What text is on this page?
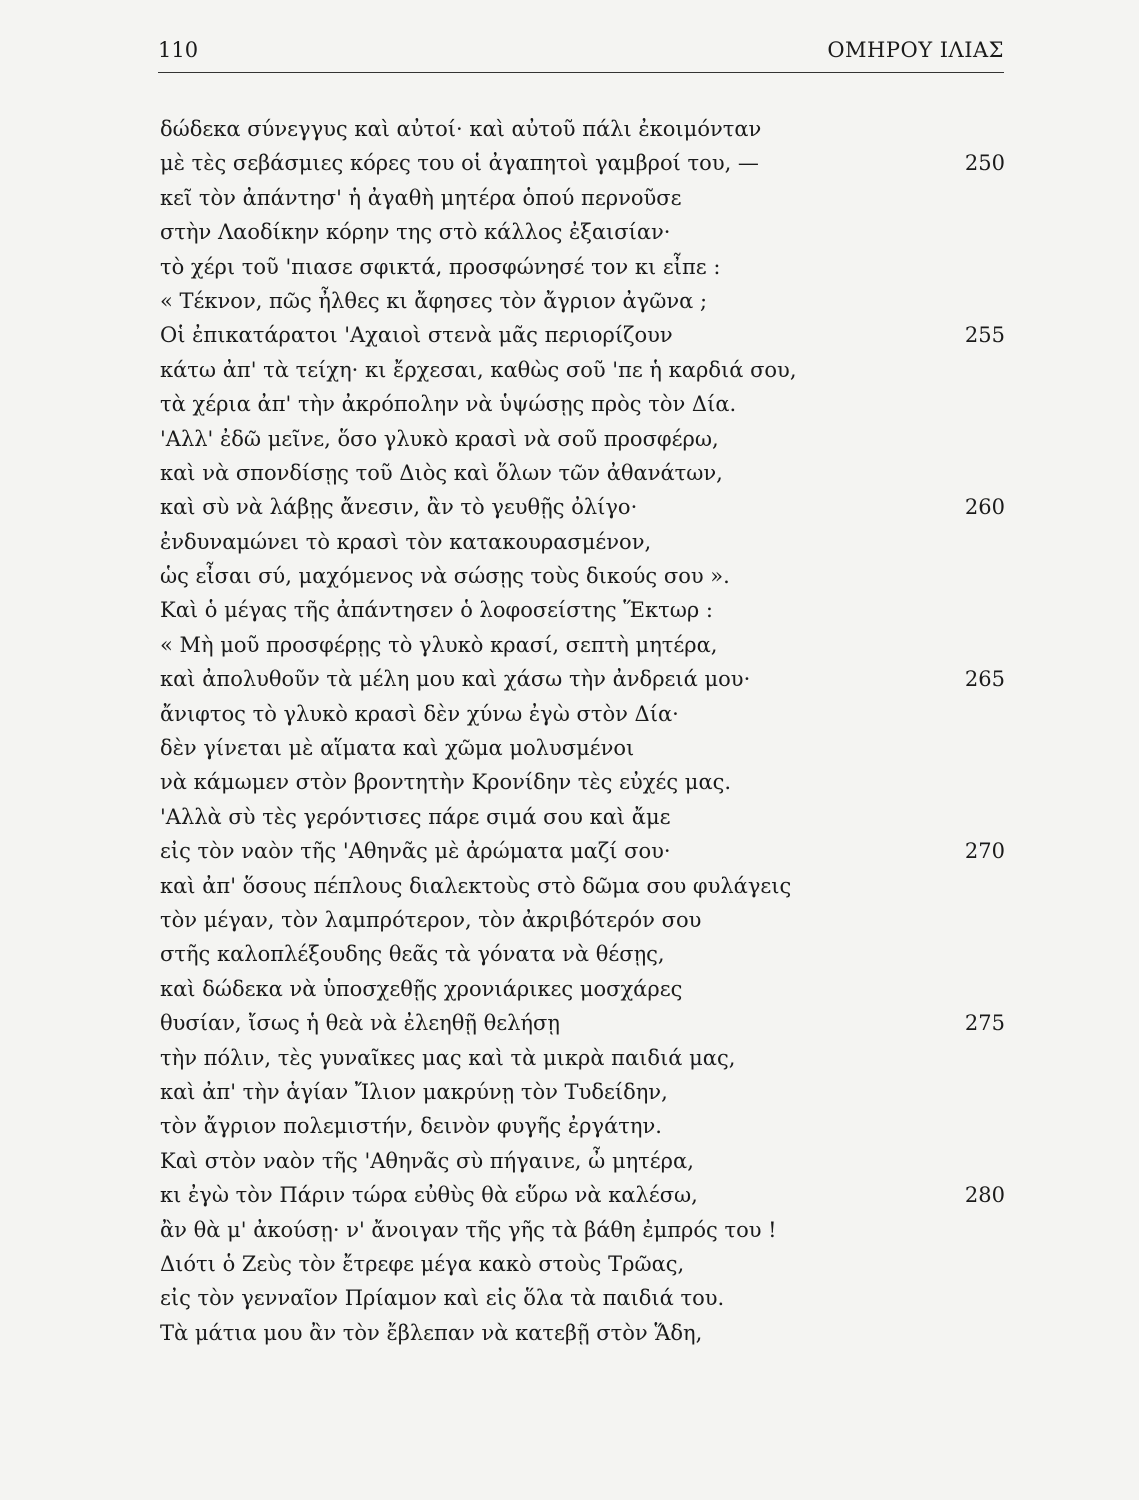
110	ΟΜΗΡΟΥ ΙΛΙΑΣ
δώδεκα σύνεγγυς καὶ αὐτοί· καὶ αὐτοῦ πάλι ἐκοιμόνταν
μὲ τὲς σεβάσμιες κόρες του οἱ ἀγαπητοὶ γαμβροί του, —	250
κεῖ τὸν ἀπάντησ' ἡ ἀγαθὴ μητέρα ὁπού περνοῦσε
στὴν Λαοδίκην κόρην της στὸ κάλλος ἐξαισίαν·
τὸ χέρι τοῦ 'πιασε σφικτά, προσφώνησέ τον κι εἶπε :
« Τέκνον, πῶς ἦλθες κι ἄφησες τὸν ἄγριον ἀγῶνα ;
Οἱ ἐπικατάρατοι 'Αχαιοὶ στενὰ μᾶς περιορίζουν	255
κάτω ἀπ' τὰ τείχη· κι ἔρχεσαι, καθὼς σοῦ 'πε ἡ καρδιά σου,
τὰ χέρια ἀπ' τὴν ἀκρόπολην νὰ ὑψώσῃς πρὸς τὸν Δία.
'Αλλ' ἐδῶ μεῖνε, ὅσο γλυκὸ κρασὶ νὰ σοῦ προσφέρω,
καὶ νὰ σπονδίσῃς τοῦ Διὸς καὶ ὅλων τῶν ἀθανάτων,
καὶ σὺ νὰ λάβῃς ἄνεσιν, ἂν τὸ γευθῇς ὀλίγο·	260
ἐνδυναμώνει τὸ κρασὶ τὸν κατακουρασμένον,
ὡς εἶσαι σύ, μαχόμενος νὰ σώσῃς τοὺς δικούς σου ».
Καὶ ὁ μέγας τῆς ἀπάντησεν ὁ λοφοσείστης Ἕκτωρ :
« Μὴ μοῦ προσφέρῃς τὸ γλυκὸ κρασί, σεπτὴ μητέρα,
καὶ ἀπολυθοῦν τὰ μέλη μου καὶ χάσω τὴν ἀνδρειά μου·	265
ἄνιφτος τὸ γλυκὸ κρασὶ δὲν χύνω ἐγὼ στὸν Δία·
δὲν γίνεται μὲ αἵματα καὶ χῶμα μολυσμένοι
νὰ κάμωμεν στὸν βροντητὴν Κρονίδην τὲς εὐχές μας.
'Αλλὰ σὺ τὲς γερόντισες πάρε σιμά σου καὶ ἄμε
εἰς τὸν ναὸν τῆς 'Αθηνᾶς μὲ ἀρώματα μαζί σου·	270
καὶ ἀπ' ὅσους πέπλους διαλεκτοὺς στὸ δῶμα σου φυλάγεις
τὸν μέγαν, τὸν λαμπρότερον, τὸν ἀκριβότερόν σου
στῆς καλοπλέξουδης θεᾶς τὰ γόνατα νὰ θέσῃς,
καὶ δώδεκα νὰ ὑποσχεθῇς χρονιάρικες μοσχάρες
θυσίαν, ἴσως ἡ θεὰ νὰ ἐλεηθῇ θελήσῃ	275
τὴν πόλιν, τὲς γυναῖκες μας καὶ τὰ μικρὰ παιδιά μας,
καὶ ἀπ' τὴν ἁγίαν Ἴλιον μακρύνῃ τὸν Τυδείδην,
τὸν ἄγριον πολεμιστήν, δεινὸν φυγῆς ἐργάτην.
Καὶ στὸν ναὸν τῆς 'Αθηνᾶς σὺ πήγαινε, ὦ μητέρα,
κι ἐγὼ τὸν Πάριν τώρα εὐθὺς θὰ εὕρω νὰ καλέσω,	280
ἂν θὰ μ' ἀκούσῃ· ν' ἄνοιγαν τῆς γῆς τὰ βάθη ἐμπρός του !
Διότι ὁ Ζεὺς τὸν ἔτρεφε μέγα κακὸ στοὺς Τρῶας,
εἰς τὸν γενναῖον Πρίαμον καὶ εἰς ὅλα τὰ παιδιά του.
Τὰ μάτια μου ἂν τὸν ἔβλεπαν νὰ κατεβῇ στὸν Ἅδη,
